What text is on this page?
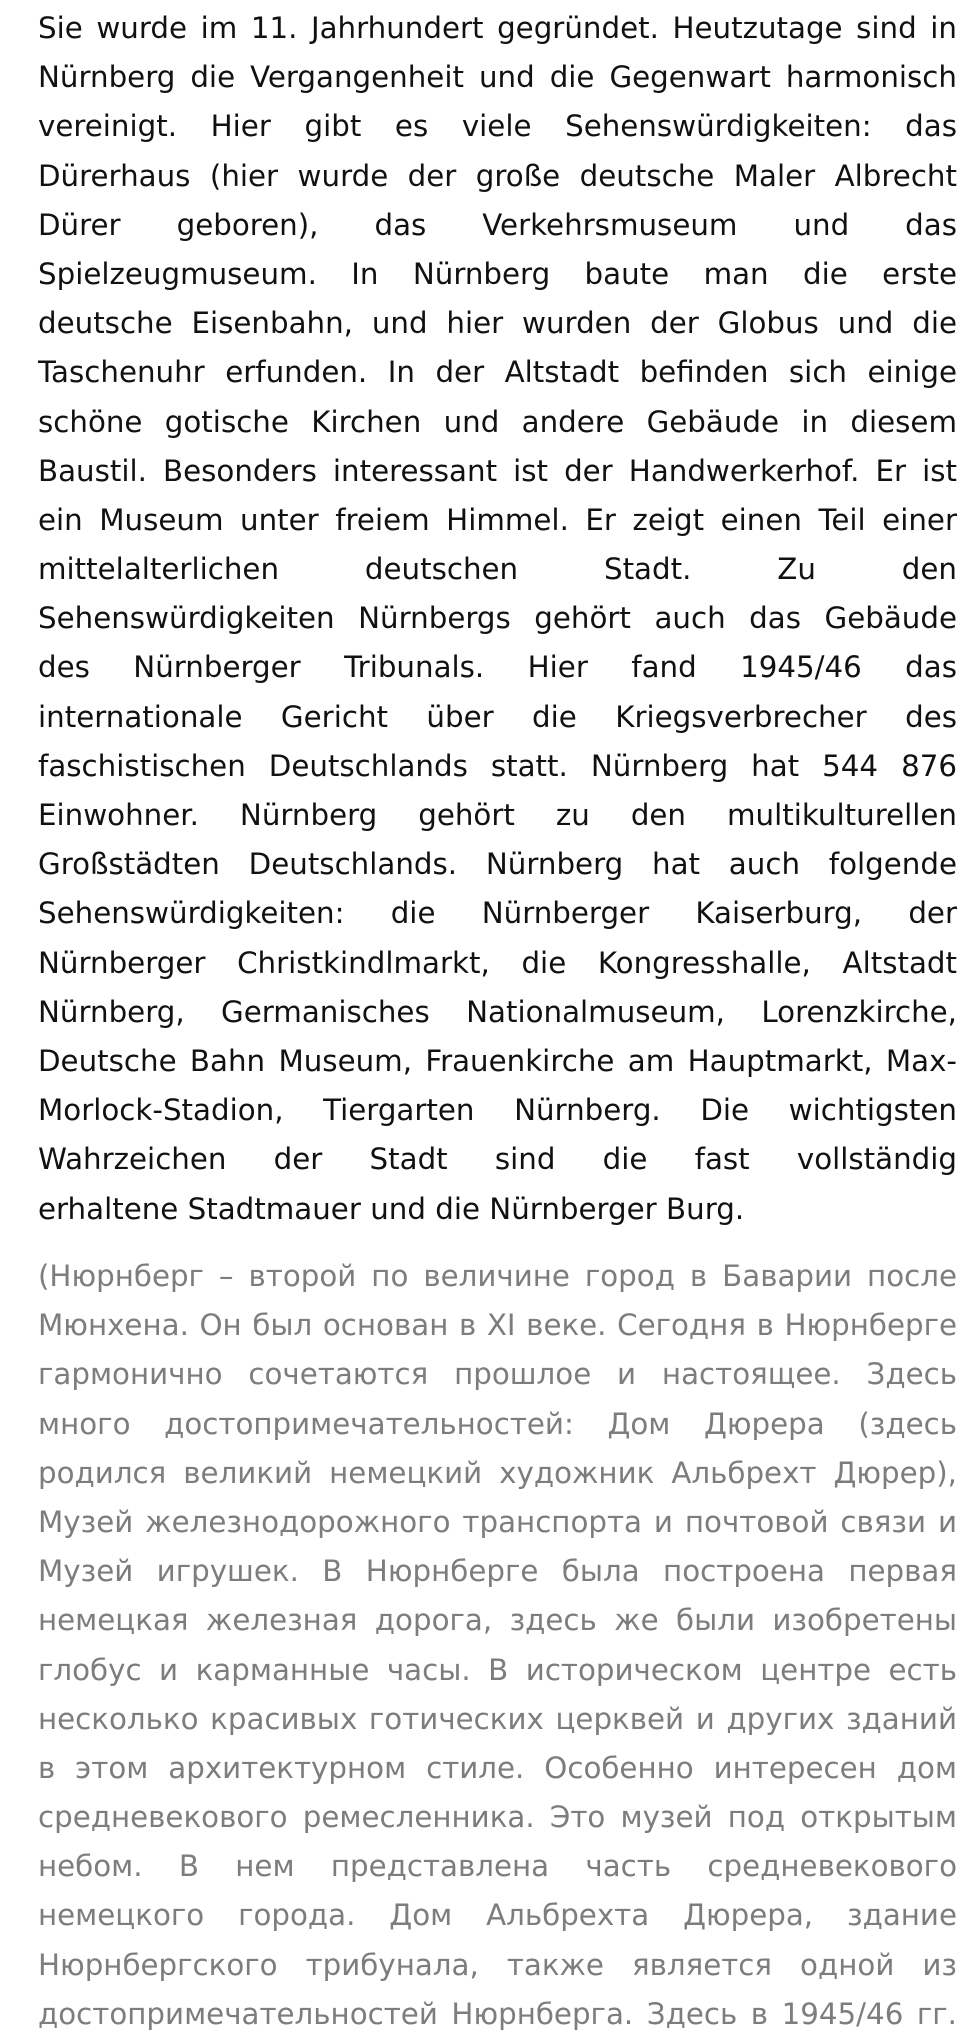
Sie wurde im 11. Jahrhundert gegründet. Heutzutage sind in
Nürnberg die Vergangenheit und die Gegenwart harmonisch
vereinigt. Hier gibt es viele Sehenswürdigkeiten: das
Dürerhaus (hier wurde der große deutsche Maler Albrecht
Dürer geboren), das Verkehrsmuseum und das
Spielzeugmuseum. In Nürnberg baute man die erste
deutsche Eisenbahn, und hier wurden der Globus und die
Taschenuhr erfunden. In der Altstadt befinden sich einige
schöne gotische Kirchen und andere Gebäude in diesem
Baustil. Besonders interessant ist der Handwerkerhof. Er ist
ein Museum unter freiem Himmel. Er zeigt einen Teil einer
mittelalterlichen deutschen Stadt. Zu den
Sehenswürdigkeiten Nürnbergs gehört auch das Gebäude
des Nürnberger Tribunals. Hier fand 1945/46 das
internationale Gericht über die Kriegsverbrecher des
faschistischen Deutschlands statt. Nürnberg hat 544 876
Einwohner. Nürnberg gehört zu den multikulturellen
Großstädten Deutschlands. Nürnberg hat auch folgende
Sehenswürdigkeiten: die Nürnberger Kaiserburg, der
Nürnberger Christkindlmarkt, die Kongresshalle, Altstadt
Nürnberg, Germanisches Nationalmuseum, Lorenzkirche,
Deutsche Bahn Museum, Frauenkirche am Hauptmarkt, Max-
Morlock-Stadion, Tiergarten Nürnberg. Die wichtigsten
Wahrzeichen der Stadt sind die fast vollständig
erhaltene Stadtmauer und die Nürnberger Burg.
(Нюрнберг – второй по величине город в Баварии после
Мюнхена. Он был основан в XI веке. Сегодня в Нюрнберге
гармонично сочетаются прошлое и настоящее. Здесь
много достопримечательностей: Дом Дюрера (здесь
родился великий немецкий художник Альбрехт Дюрер),
Музей железнодорожного транспорта и почтовой связи и
Музей игрушек. В Нюрнберге была построена первая
немецкая железная дорога, здесь же были изобретены
глобус и карманные часы. В историческом центре есть
несколько красивых готических церквей и других зданий
в этом архитектурном стиле. Особенно интересен дом
средневекового ремесленника. Это музей под открытым
небом. В нем представлена часть средневекового
немецкого города. Дом Альбрехта Дюрера, здание
Нюрнбергского трибунала, также является одной из
достопримечательностей Нюрнберга. Здесь в 1945/46 гг.
